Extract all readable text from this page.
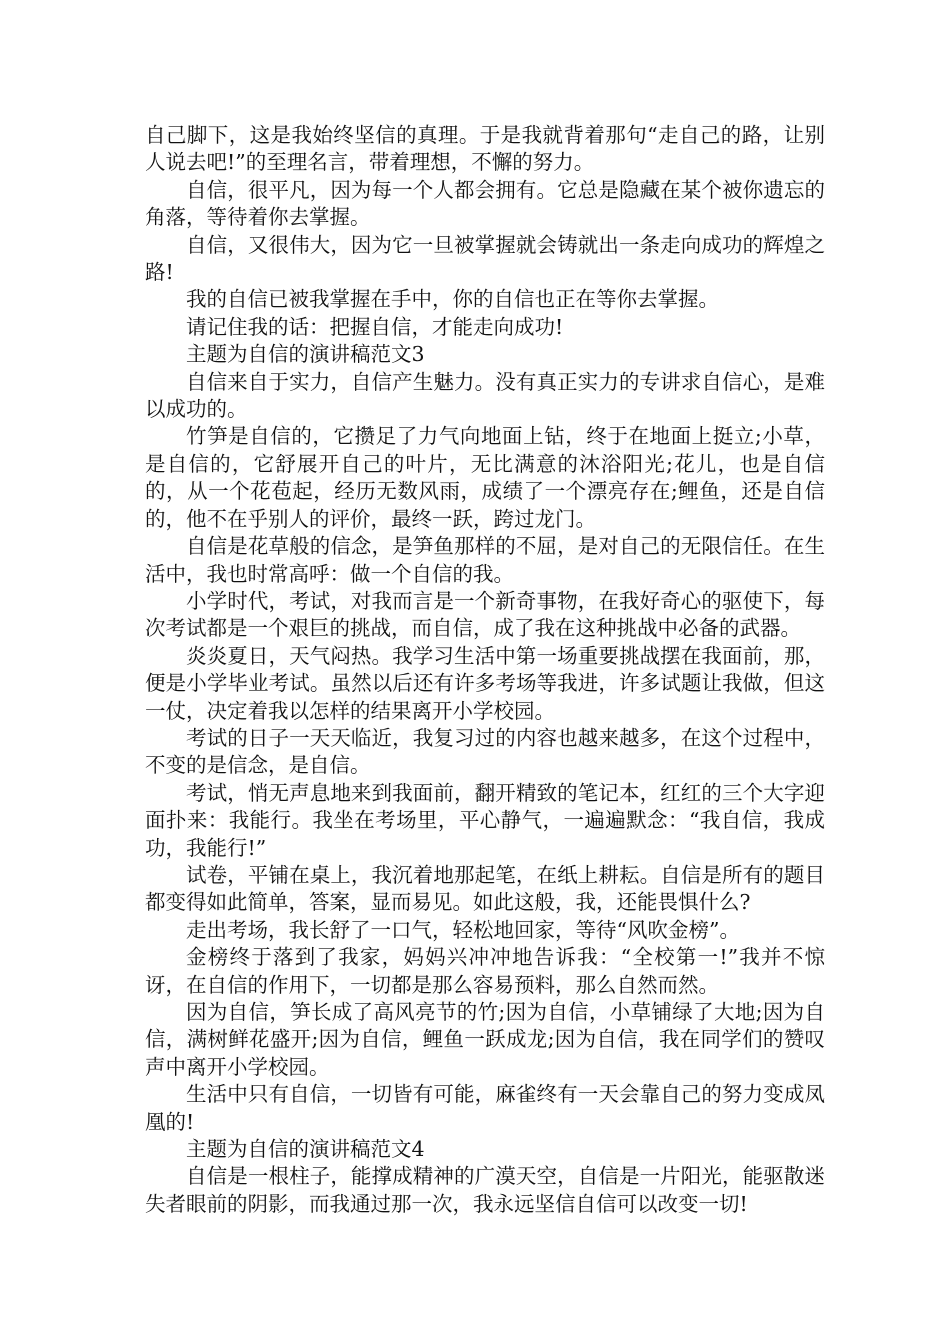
自己脚下，这是我始终坚信的真理。于是我就背着那句“走自己的路，让别人说去吧!”的至理名言，带着理想，不懈的努力。

自信，很平凡，因为每一个人都会拥有。它总是隐藏在某个被你遗忘的角落，等待着你去掌握。

自信，又很伟大，因为它一旦被掌握就会铸就出一条走向成功的辉煌之路!

我的自信已被我掌握在手中，你的自信也正在等你去掌握。

请记住我的话：把握自信，才能走向成功!

主题为自信的演讲稿范文3

自信来自于实力，自信产生魅力。没有真正实力的专讲求自信心，是难以成功的。

竹笋是自信的，它攒足了力气向地面上钻，终于在地面上挺立;小草，是自信的，它舒展开自己的叶片，无比满意的沐浴阳光;花儿，也是自信的，从一个花苞起，经历无数风雨，成绩了一个漂亮存在;鲤鱼，还是自信的，他不在乎别人的评价，最终一跃，跨过龙门。

自信是花草般的信念，是笋鱼那样的不屈，是对自己的无限信任。在生活中，我也时常高呼：做一个自信的我。

小学时代，考试，对我而言是一个新奇事物，在我好奇心的驱使下，每次考试都是一个艰巨的挑战，而自信，成了我在这种挑战中必备的武器。

炎炎夏日，天气闷热。我学习生活中第一场重要挑战摆在我面前，那，便是小学毕业考试。虽然以后还有许多考场等我进，许多试题让我做，但这一仗，决定着我以怎样的结果离开小学校园。

考试的日子一天天临近，我复习过的内容也越来越多，在这个过程中，不变的是信念，是自信。

考试，悄无声息地来到我面前，翻开精致的笔记本，红红的三个大字迎面扑来：我能行。我坐在考场里，平心静气，一遍遍默念：“我自信，我成功，我能行!”

试卷，平铺在桌上，我沉着地那起笔，在纸上耕耘。自信是所有的题目都变得如此简单，答案，显而易见。如此这般，我，还能畏惧什么?

走出考场，我长舒了一口气，轻松地回家，等待“风吹金榜”。

金榜终于落到了我家，妈妈兴冲冲地告诉我：“全校第一!”我并不惊讶，在自信的作用下，一切都是那么容易预料，那么自然而然。

因为自信，笋长成了高风亮节的竹;因为自信，小草铺绿了大地;因为自信，满树鲜花盛开;因为自信，鲤鱼一跃成龙;因为自信，我在同学们的赞叹声中离开小学校园。

生活中只有自信，一切皆有可能，麻雀终有一天会靠自己的努力变成凤凰的!

主题为自信的演讲稿范文4

自信是一根柱子，能撑成精神的广漠天空，自信是一片阳光，能驱散迷失者眼前的阴影，而我通过那一次，我永远坚信自信可以改变一切!
